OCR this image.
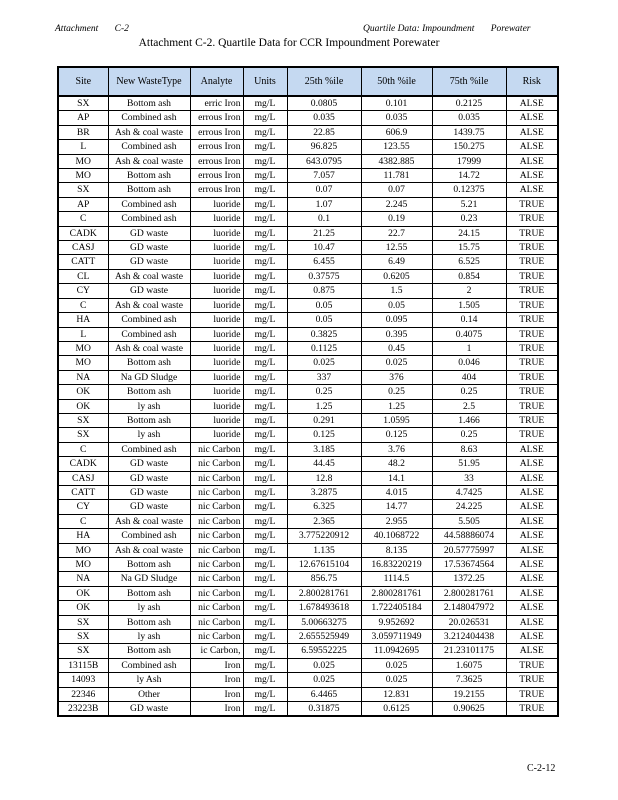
Attachment C-2	Quartile Data: Impoundment Porewater
Attachment C-2. Quartile Data for CCR Impoundment Porewater
Site	New WasteType	Analyte	Units	25th %ile	50th %ile	75th %ile	Risk
SX	Bottom ash	erric Iron	mg/L	0.0805	0.101	0.2125	ALSE
AP	Combined ash	errous Iron	mg/L	0.035	0.035	0.035	ALSE
BR	Ash & coal waste	errous Iron	mg/L	22.85	606.9	1439.75	ALSE
L	Combined ash	errous Iron	mg/L	96.825	123.55	150.275	ALSE
MO	Ash & coal waste	errous Iron	mg/L	643.0795	4382.885	17999	ALSE
MO	Bottom ash	errous Iron	mg/L	7.057	11.781	14.72	ALSE
SX	Bottom ash	errous Iron	mg/L	0.07	0.07	0.12375	ALSE
AP	Combined ash	luoride	mg/L	1.07	2.245	5.21	TRUE
C	Combined ash	luoride	mg/L	0.1	0.19	0.23	TRUE
CADK	GD waste	luoride	mg/L	21.25	22.7	24.15	TRUE
CASJ	GD waste	luoride	mg/L	10.47	12.55	15.75	TRUE
CATT	GD waste	luoride	mg/L	6.455	6.49	6.525	TRUE
CL	Ash & coal waste	luoride	mg/L	0.37575	0.6205	0.854	TRUE
CY	GD waste	luoride	mg/L	0.875	1.5	2	TRUE
C	Ash & coal waste	luoride	mg/L	0.05	0.05	1.505	TRUE
HA	Combined ash	luoride	mg/L	0.05	0.095	0.14	TRUE
L	Combined ash	luoride	mg/L	0.3825	0.395	0.4075	TRUE
MO	Ash & coal waste	luoride	mg/L	0.1125	0.45	1	TRUE
MO	Bottom ash	luoride	mg/L	0.025	0.025	0.046	TRUE
NA	Na GD Sludge	luoride	mg/L	337	376	404	TRUE
OK	Bottom ash	luoride	mg/L	0.25	0.25	0.25	TRUE
OK	ly ash	luoride	mg/L	1.25	1.25	2.5	TRUE
SX	Bottom ash	luoride	mg/L	0.291	1.0595	1.466	TRUE
SX	ly ash	luoride	mg/L	0.125	0.125	0.25	TRUE
C	Combined ash	nic Carbon	mg/L	3.185	3.76	8.63	ALSE
CADK	GD waste	nic Carbon	mg/L	44.45	48.2	51.95	ALSE
CASJ	GD waste	nic Carbon	mg/L	12.8	14.1	33	ALSE
CATT	GD waste	nic Carbon	mg/L	3.2875	4.015	4.7425	ALSE
CY	GD waste	nic Carbon	mg/L	6.325	14.77	24.225	ALSE
C	Ash & coal waste	nic Carbon	mg/L	2.365	2.955	5.505	ALSE
HA	Combined ash	nic Carbon	mg/L	3.775220912	40.1068722	44.58886074	ALSE
MO	Ash & coal waste	nic Carbon	mg/L	1.135	8.135	20.57775997	ALSE
MO	Bottom ash	nic Carbon	mg/L	12.67615104	16.83220219	17.53674564	ALSE
NA	Na GD Sludge	nic Carbon	mg/L	856.75	1114.5	1372.25	ALSE
OK	Bottom ash	nic Carbon	mg/L	2.800281761	2.800281761	2.800281761	ALSE
OK	ly ash	nic Carbon	mg/L	1.678493618	1.722405184	2.148047972	ALSE
SX	Bottom ash	nic Carbon	mg/L	5.00663275	9.952692	20.026531	ALSE
SX	ly ash	nic Carbon	mg/L	2.655525949	3.059711949	3.212404438	ALSE
SX	Bottom ash	ic Carbon,	mg/L	6.59552225	11.0942695	21.23101175	ALSE
13115B	Combined ash	Iron	mg/L	0.025	0.025	1.6075	TRUE
14093	ly Ash	Iron	mg/L	0.025	0.025	7.3625	TRUE
22346	Other	Iron	mg/L	6.4465	12.831	19.2155	TRUE
23223B	GD waste	Iron	mg/L	0.31875	0.6125	0.90625	TRUE
C-2-12
